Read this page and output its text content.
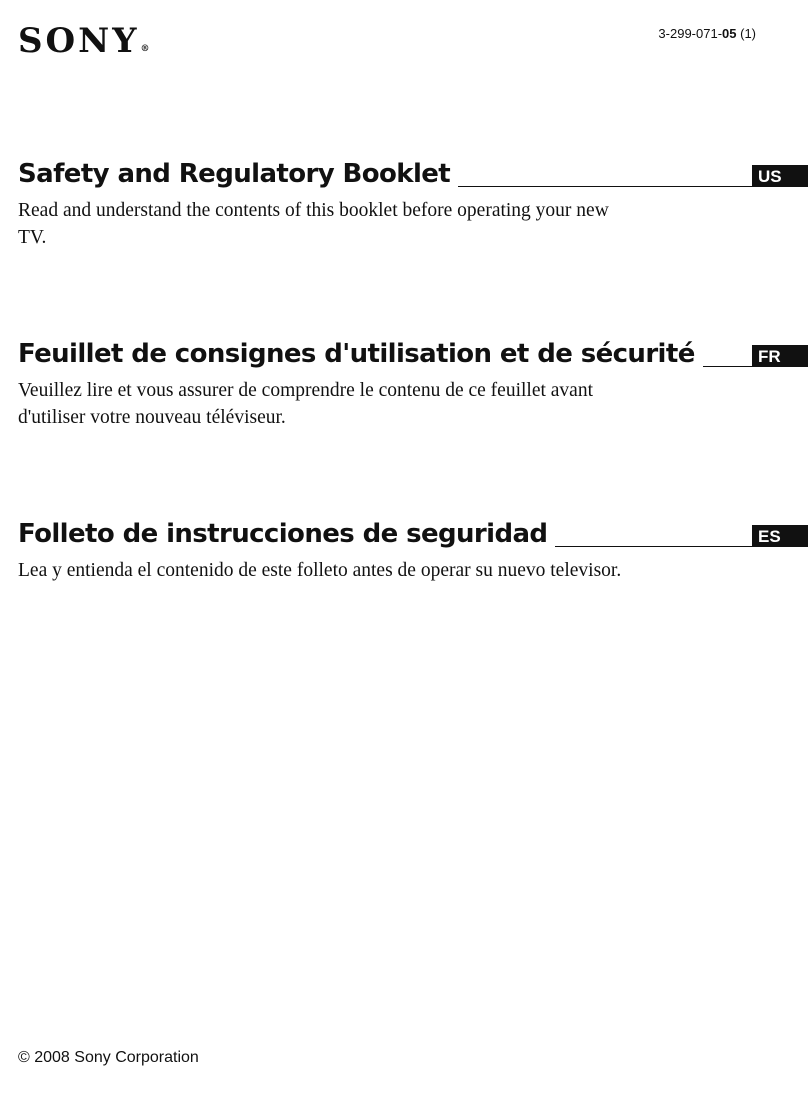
SONY®
3-299-071-05 (1)
Safety and Regulatory Booklet	US
Read and understand the contents of this booklet before operating your new TV.
Feuillet de consignes d'utilisation et de sécurité	FR
Veuillez lire et vous assurer de comprendre le contenu de ce feuillet avant d'utiliser votre nouveau téléviseur.
Folleto de instrucciones de seguridad	ES
Lea y entienda el contenido de este folleto antes de operar su nuevo televisor.
© 2008 Sony Corporation
